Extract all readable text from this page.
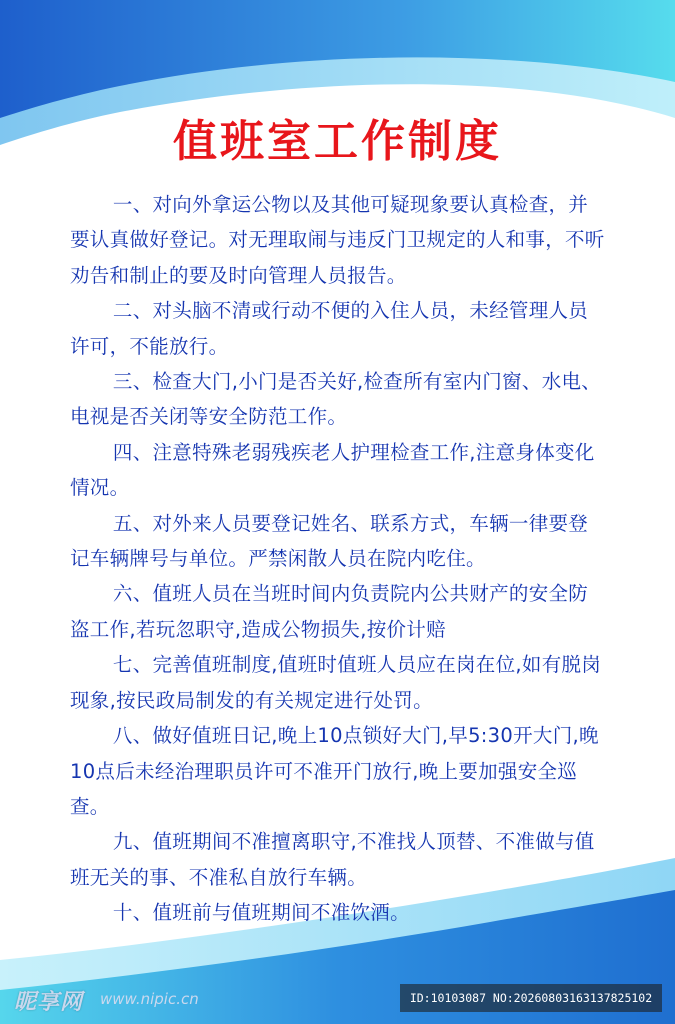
值班室工作制度

一、对向外拿运公物以及其他可疑现象要认真检查，并要认真做好登记。对无理取闹与违反门卫规定的人和事，不听劝告和制止的要及时向管理人员报告。

二、对头脑不清或行动不便的入住人员，未经管理人员许可，不能放行。

三、检查大门,小门是否关好,检查所有室内门窗、水电、电视是否关闭等安全防范工作。

四、注意特殊老弱残疾老人护理检查工作,注意身体变化情况。

五、对外来人员要登记姓名、联系方式，车辆一律要登记车辆牌号与单位。严禁闲散人员在院内吃住。

六、值班人员在当班时间内负责院内公共财产的安全防盗工作,若玩忽职守,造成公物损失,按价计赔

七、完善值班制度,值班时值班人员应在岗在位,如有脱岗现象,按民政局制发的有关规定进行处罚。

八、做好值班日记,晚上10点锁好大门,早5:30开大门,晚10点后未经治理职员许可不准开门放行,晚上要加强安全巡查。

九、值班期间不准擅离职守,不准找人顶替、不准做与值班无关的事、不准私自放行车辆。

十、值班前与值班期间不准饮酒。

昵享网 www.nipic.cn	ID:10103087 NO:20260803163137825102
